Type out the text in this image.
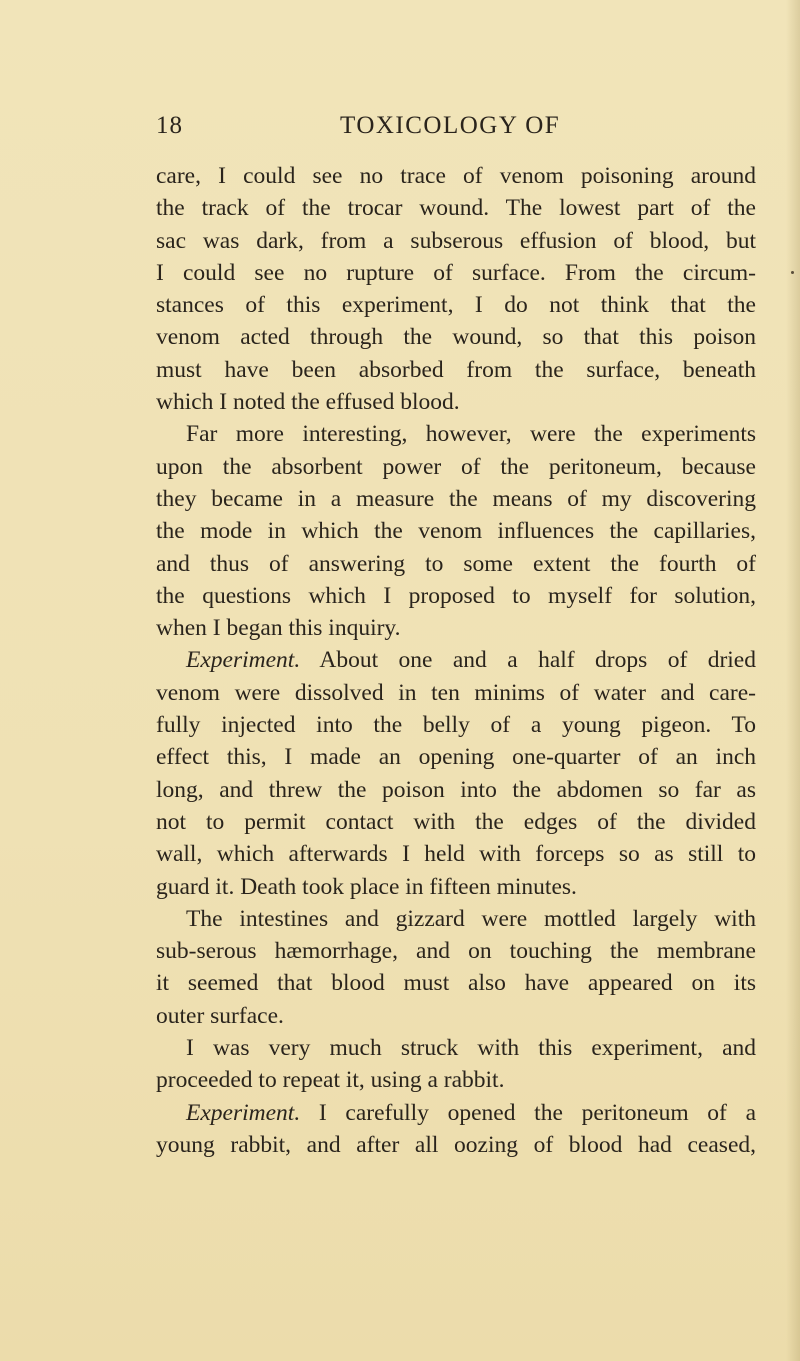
18	TOXICOLOGY OF
care, I could see no trace of venom poisoning around
the track of the trocar wound. The lowest part of the
sac was dark, from a subserous effusion of blood, but
I could see no rupture of surface. From the circum-
stances of this experiment, I do not think that the
venom acted through the wound, so that this poison
must have been absorbed from the surface, beneath
which I noted the effused blood.
Far more interesting, however, were the experiments
upon the absorbent power of the peritoneum, because
they became in a measure the means of my discovering
the mode in which the venom influences the capillaries,
and thus of answering to some extent the fourth of
the questions which I proposed to myself for solution,
when I began this inquiry.
Experiment. About one and a half drops of dried
venom were dissolved in ten minims of water and care-
fully injected into the belly of a young pigeon. To
effect this, I made an opening one-quarter of an inch
long, and threw the poison into the abdomen so far as
not to permit contact with the edges of the divided
wall, which afterwards I held with forceps so as still to
guard it. Death took place in fifteen minutes.
The intestines and gizzard were mottled largely with
sub-serous hæmorrhage, and on touching the membrane
it seemed that blood must also have appeared on its
outer surface.
I was very much struck with this experiment, and
proceeded to repeat it, using a rabbit.
Experiment. I carefully opened the peritoneum of a
young rabbit, and after all oozing of blood had ceased,
